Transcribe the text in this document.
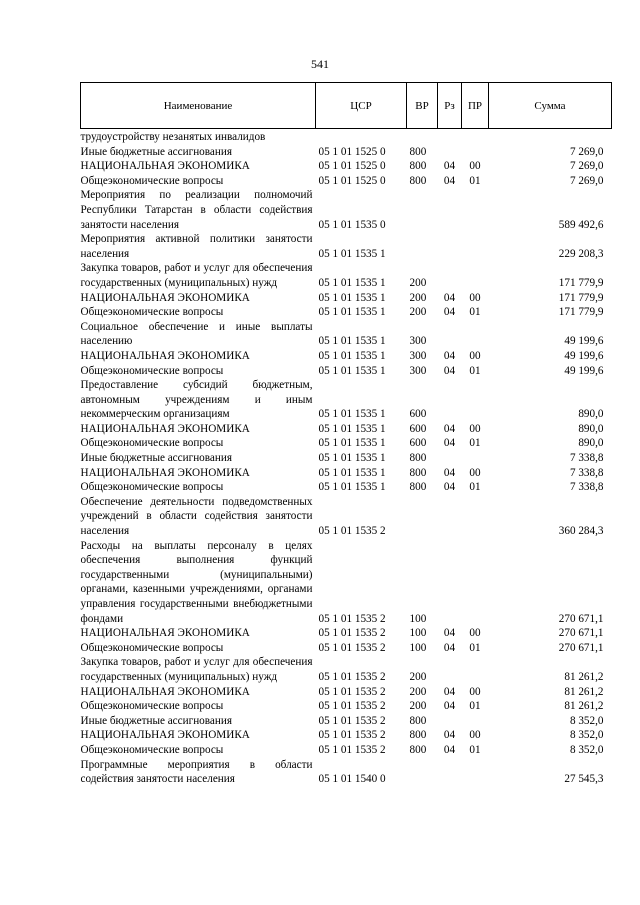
541
Наименование	ЦСР	ВР	Рз	ПР	Сумма
трудоустройству незанятых инвалидов					
Иные бюджетные ассигнования	05 1 01 1525 0	800			7 269,0
НАЦИОНАЛЬНАЯ ЭКОНОМИКА	05 1 01 1525 0	800	04	00	7 269,0
Общеэкономические вопросы	05 1 01 1525 0	800	04	01	7 269,0
Мероприятия по реализации полномочий Республики Татарстан в области содействия занятости населения	05 1 01 1535 0				589 492,6
Мероприятия активной политики занятости населения	05 1 01 1535 1				229 208,3
Закупка товаров, работ и услуг для обеспечения государственных (муниципальных) нужд	05 1 01 1535 1	200			171 779,9
НАЦИОНАЛЬНАЯ ЭКОНОМИКА	05 1 01 1535 1	200	04	00	171 779,9
Общеэкономические вопросы	05 1 01 1535 1	200	04	01	171 779,9
Социальное обеспечение и иные выплаты населению	05 1 01 1535 1	300			49 199,6
НАЦИОНАЛЬНАЯ ЭКОНОМИКА	05 1 01 1535 1	300	04	00	49 199,6
Общеэкономические вопросы	05 1 01 1535 1	300	04	01	49 199,6
Предоставление субсидий бюджетным, автономным учреждениям и иным некоммерческим организациям	05 1 01 1535 1	600			890,0
НАЦИОНАЛЬНАЯ ЭКОНОМИКА	05 1 01 1535 1	600	04	00	890,0
Общеэкономические вопросы	05 1 01 1535 1	600	04	01	890,0
Иные бюджетные ассигнования	05 1 01 1535 1	800			7 338,8
НАЦИОНАЛЬНАЯ ЭКОНОМИКА	05 1 01 1535 1	800	04	00	7 338,8
Общеэкономические вопросы	05 1 01 1535 1	800	04	01	7 338,8
Обеспечение деятельности подведомственных учреждений в области содействия занятости населения	05 1 01 1535 2				360 284,3
Расходы на выплаты персоналу в целях обеспечения выполнения функций государственными (муниципальными) органами, казенными учреждениями, органами управления государственными внебюджетными фондами	05 1 01 1535 2	100			270 671,1
НАЦИОНАЛЬНАЯ ЭКОНОМИКА	05 1 01 1535 2	100	04	00	270 671,1
Общеэкономические вопросы	05 1 01 1535 2	100	04	01	270 671,1
Закупка товаров, работ и услуг для обеспечения государственных (муниципальных) нужд	05 1 01 1535 2	200			81 261,2
НАЦИОНАЛЬНАЯ ЭКОНОМИКА	05 1 01 1535 2	200	04	00	81 261,2
Общеэкономические вопросы	05 1 01 1535 2	200	04	01	81 261,2
Иные бюджетные ассигнования	05 1 01 1535 2	800			8 352,0
НАЦИОНАЛЬНАЯ ЭКОНОМИКА	05 1 01 1535 2	800	04	00	8 352,0
Общеэкономические вопросы	05 1 01 1535 2	800	04	01	8 352,0
Программные мероприятия в области содействия занятости населения	05 1 01 1540 0				27 545,3
